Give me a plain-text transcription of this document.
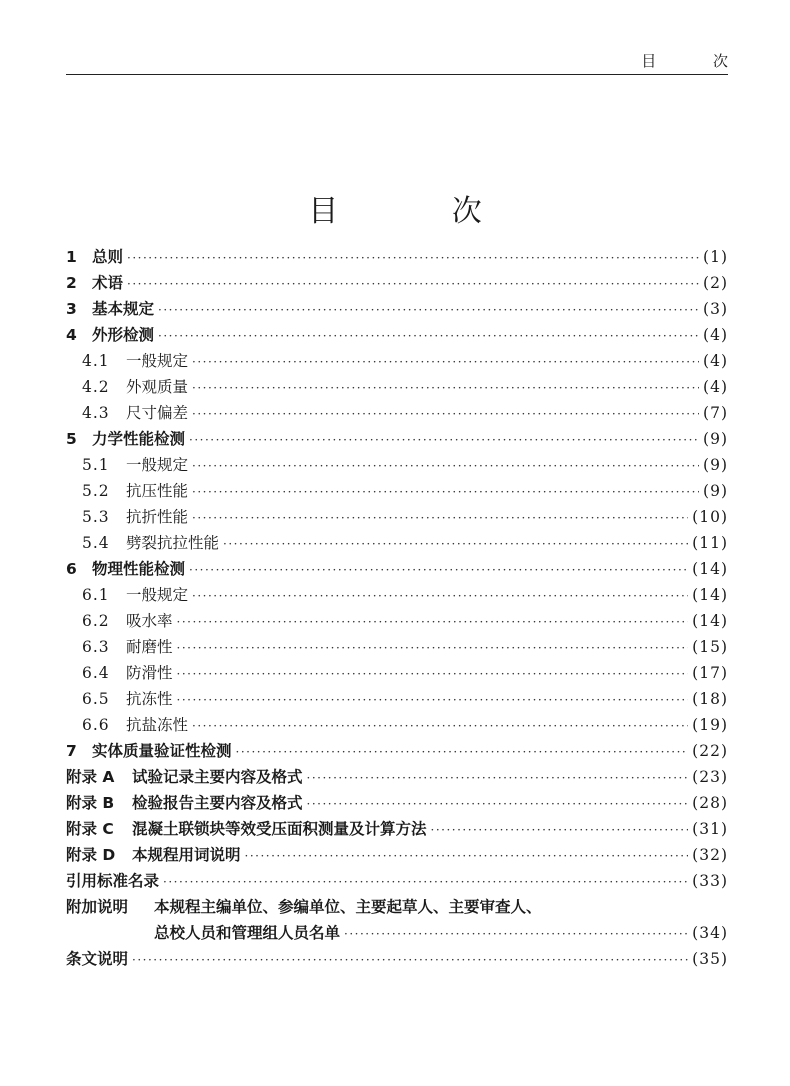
目 次
目 次
1 总则 ·····	(1)
2 术语 ·····	(2)
3 基本规定 ·····	(3)
4 外形检测 ·····	(4)
4.1	一般规定 ·····	(4)
4.2	外观质量 ·····	(4)
4.3	尺寸偏差 ·····	(7)
5 力学性能检测 ·····	(9)
5.1	一般规定 ·····	(9)
5.2	抗压性能 ·····	(9)
5.3	抗折性能 ·····	(10)
5.4	劈裂抗拉性能 ·····	(11)
6 物理性能检测 ·····	(14)
6.1	一般规定 ·····	(14)
6.2	吸水率 ·····	(14)
6.3	耐磨性 ·····	(15)
6.4	防滑性 ·····	(17)
6.5	抗冻性 ·····	(18)
6.6	抗盐冻性 ·····	(19)
7 实体质量验证性检测 ·····	(22)
附录 A	试验记录主要内容及格式 ·····	(23)
附录 B	检验报告主要内容及格式 ·····	(28)
附录 C	混凝土联锁块等效受压面积测量及计算方法 ·····	(31)
附录 D	本规程用词说明 ·····	(32)
引用标准名录 ·····	(33)
附加说明	本规程主编单位、参编单位、主要起草人、主要审查人、
总校人员和管理组人员名单 ·····	(34)
条文说明 ·····	(35)
